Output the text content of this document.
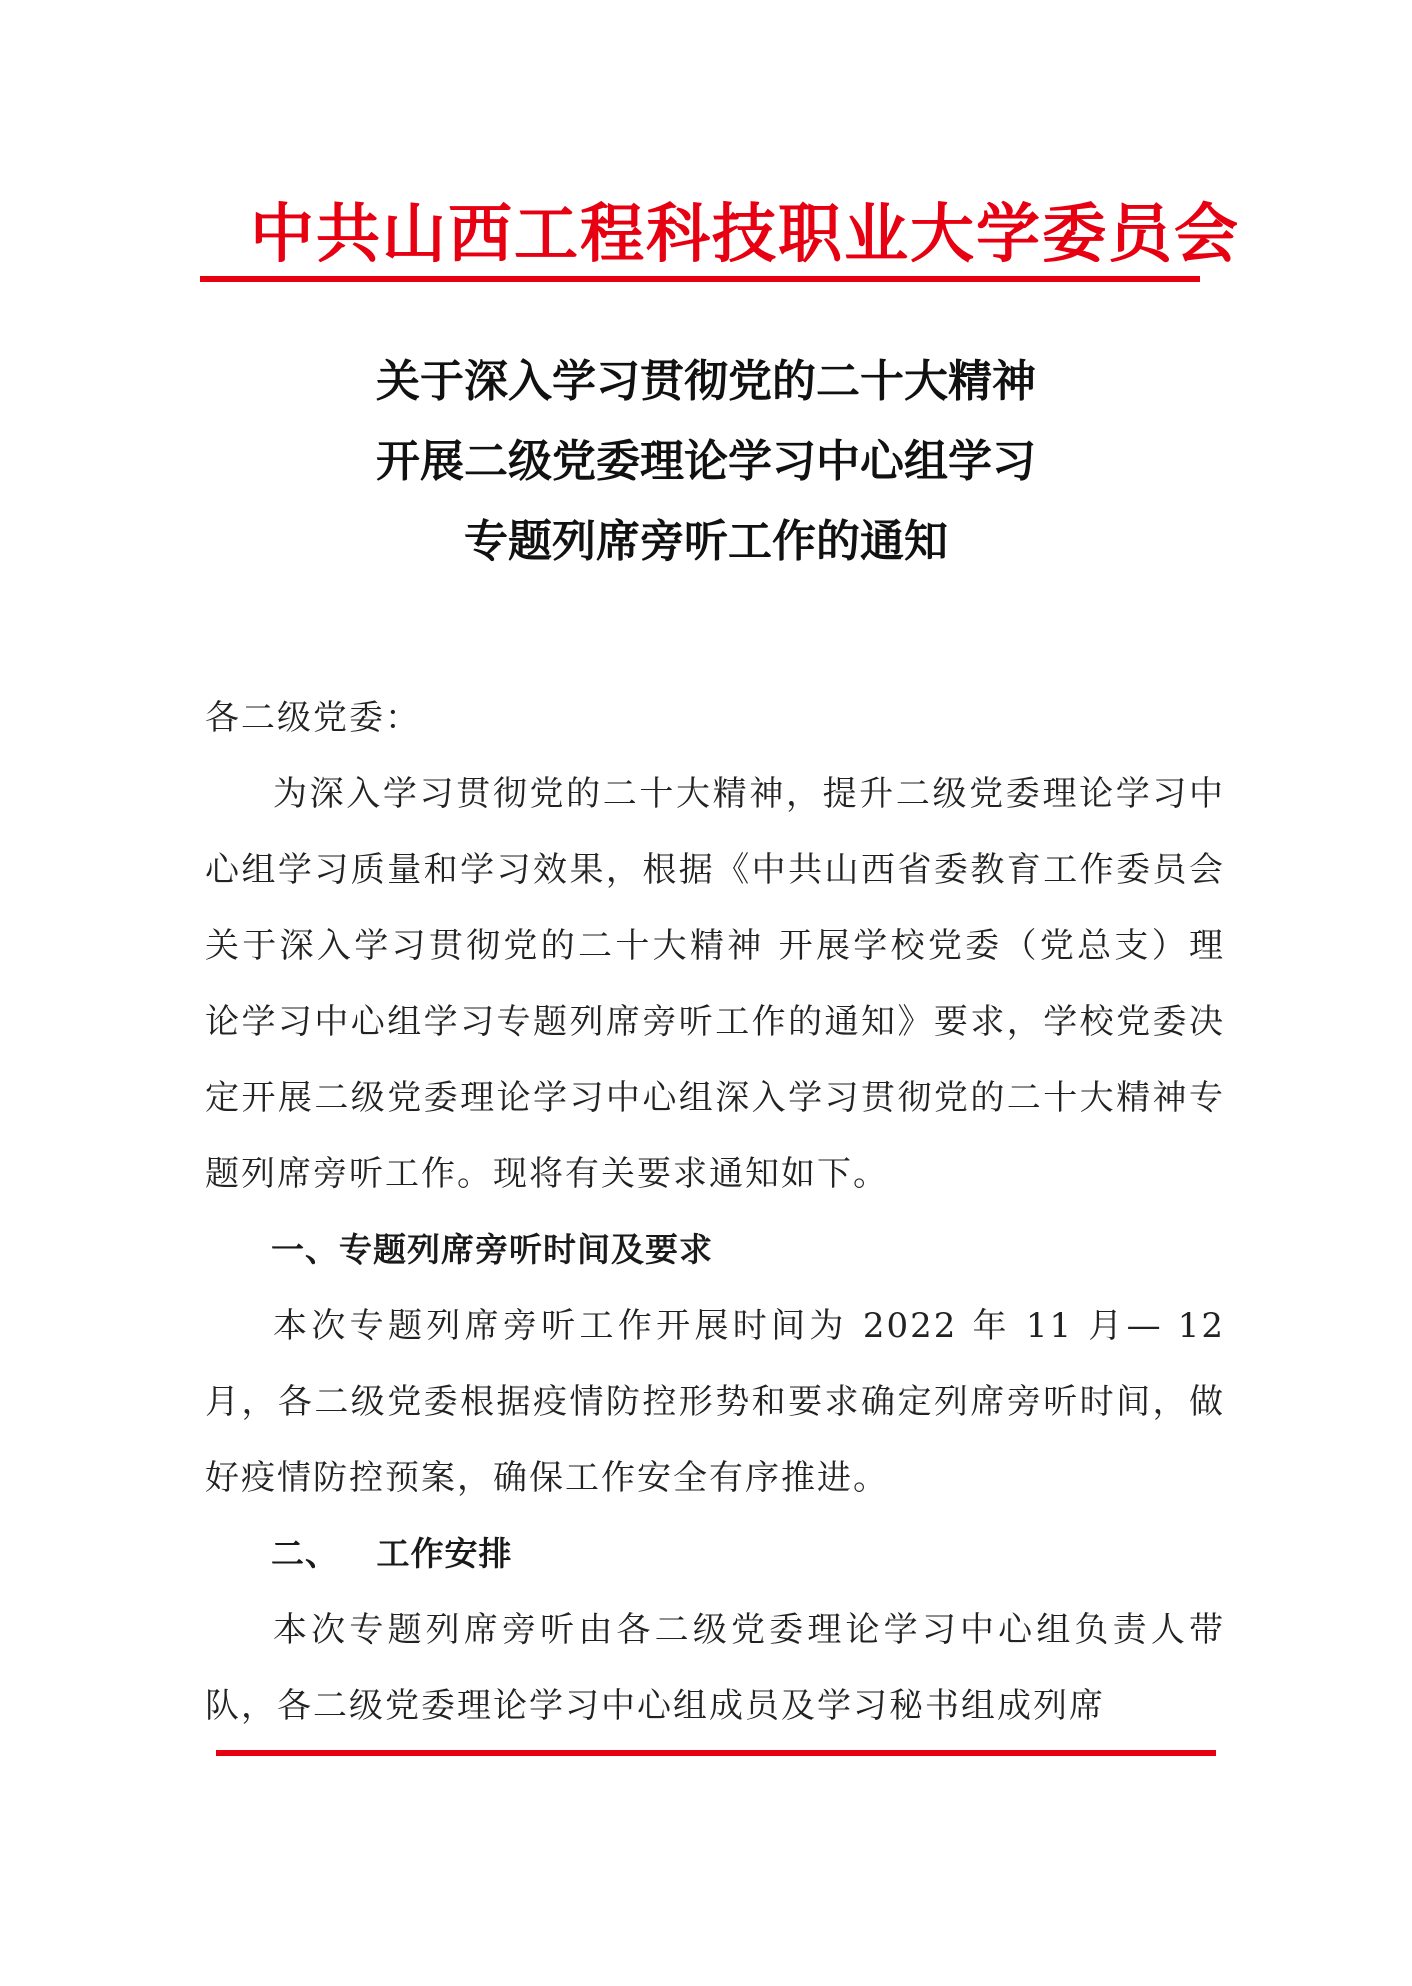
中共山西工程科技职业大学委员会
关于深入学习贯彻党的二十大精神
开展二级党委理论学习中心组学习
专题列席旁听工作的通知

各二级党委：

为深入学习贯彻党的二十大精神，提升二级党委理论学习中心组学习质量和学习效果，根据《中共山西省委教育工作委员会关于深入学习贯彻党的二十大精神 开展学校党委（党总支）理论学习中心组学习专题列席旁听工作的通知》要求，学校党委决定开展二级党委理论学习中心组深入学习贯彻党的二十大精神专题列席旁听工作。现将有关要求通知如下。

一、专题列席旁听时间及要求

本次专题列席旁听工作开展时间为 2022 年 11 月— 12 月，各二级党委根据疫情防控形势和要求确定列席旁听时间，做好疫情防控预案，确保工作安全有序推进。

二、   工作安排

本次专题列席旁听由各二级党委理论学习中心组负责人带队，各二级党委理论学习中心组成员及学习秘书组成列席
